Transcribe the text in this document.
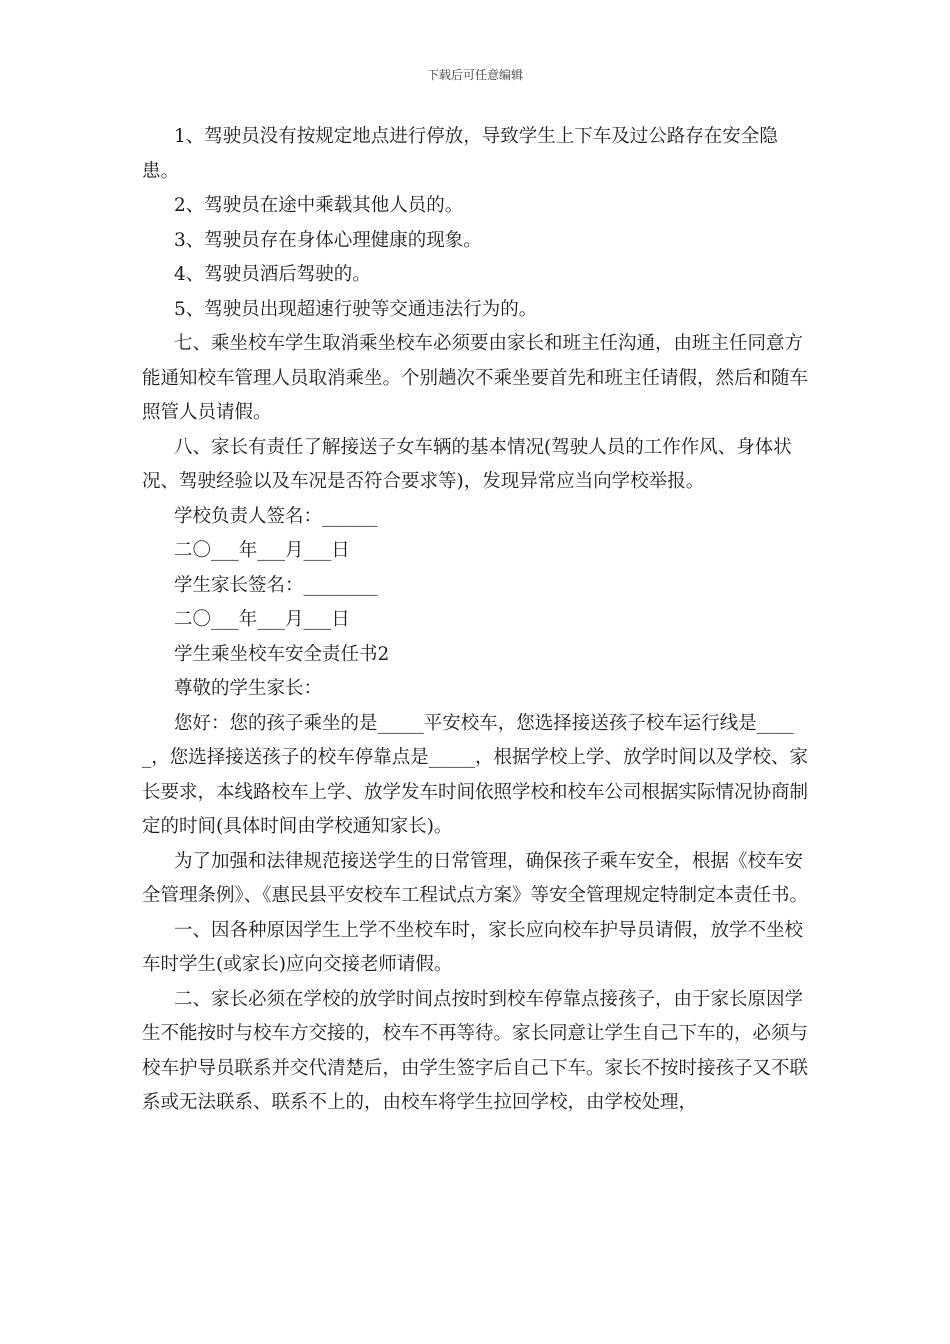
下载后可任意编辑

1、驾驶员没有按规定地点进行停放，导致学生上下车及过公路存在安全隐患。

2、驾驶员在途中乘载其他人员的。

3、驾驶员存在身体心理健康的现象。

4、驾驶员酒后驾驶的。

5、驾驶员出现超速行驶等交通违法行为的。

七、乘坐校车学生取消乘坐校车必须要由家长和班主任沟通，由班主任同意方能通知校车管理人员取消乘坐。个别趟次不乘坐要首先和班主任请假，然后和随车照管人员请假。

八、家长有责任了解接送子女车辆的基本情况(驾驶人员的工作作风、身体状况、驾驶经验以及车况是否符合要求等)，发现异常应当向学校举报。

学校负责人签名：______

二〇___年___月___日

学生家长签名：________

二〇___年___月___日

学生乘坐校车安全责任书2

尊敬的学生家长：

您好：您的孩子乘坐的是_____平安校车，您选择接送孩子校车运行线是_____，您选择接送孩子的校车停靠点是_____，根据学校上学、放学时间以及学校、家长要求，本线路校车上学、放学发车时间依照学校和校车公司根据实际情况协商制定的时间(具体时间由学校通知家长)。

为了加强和法律规范接送学生的日常管理，确保孩子乘车安全，根据《校车安全管理条例》、《惠民县平安校车工程试点方案》等安全管理规定特制定本责任书。

一、因各种原因学生上学不坐校车时，家长应向校车护导员请假，放学不坐校车时学生(或家长)应向交接老师请假。

二、家长必须在学校的放学时间点按时到校车停靠点接孩子，由于家长原因学生不能按时与校车方交接的，校车不再等待。家长同意让学生自己下车的，必须与校车护导员联系并交代清楚后，由学生签字后自己下车。家长不按时接孩子又不联系或无法联系、联系不上的，由校车将学生拉回学校，由学校处理，
